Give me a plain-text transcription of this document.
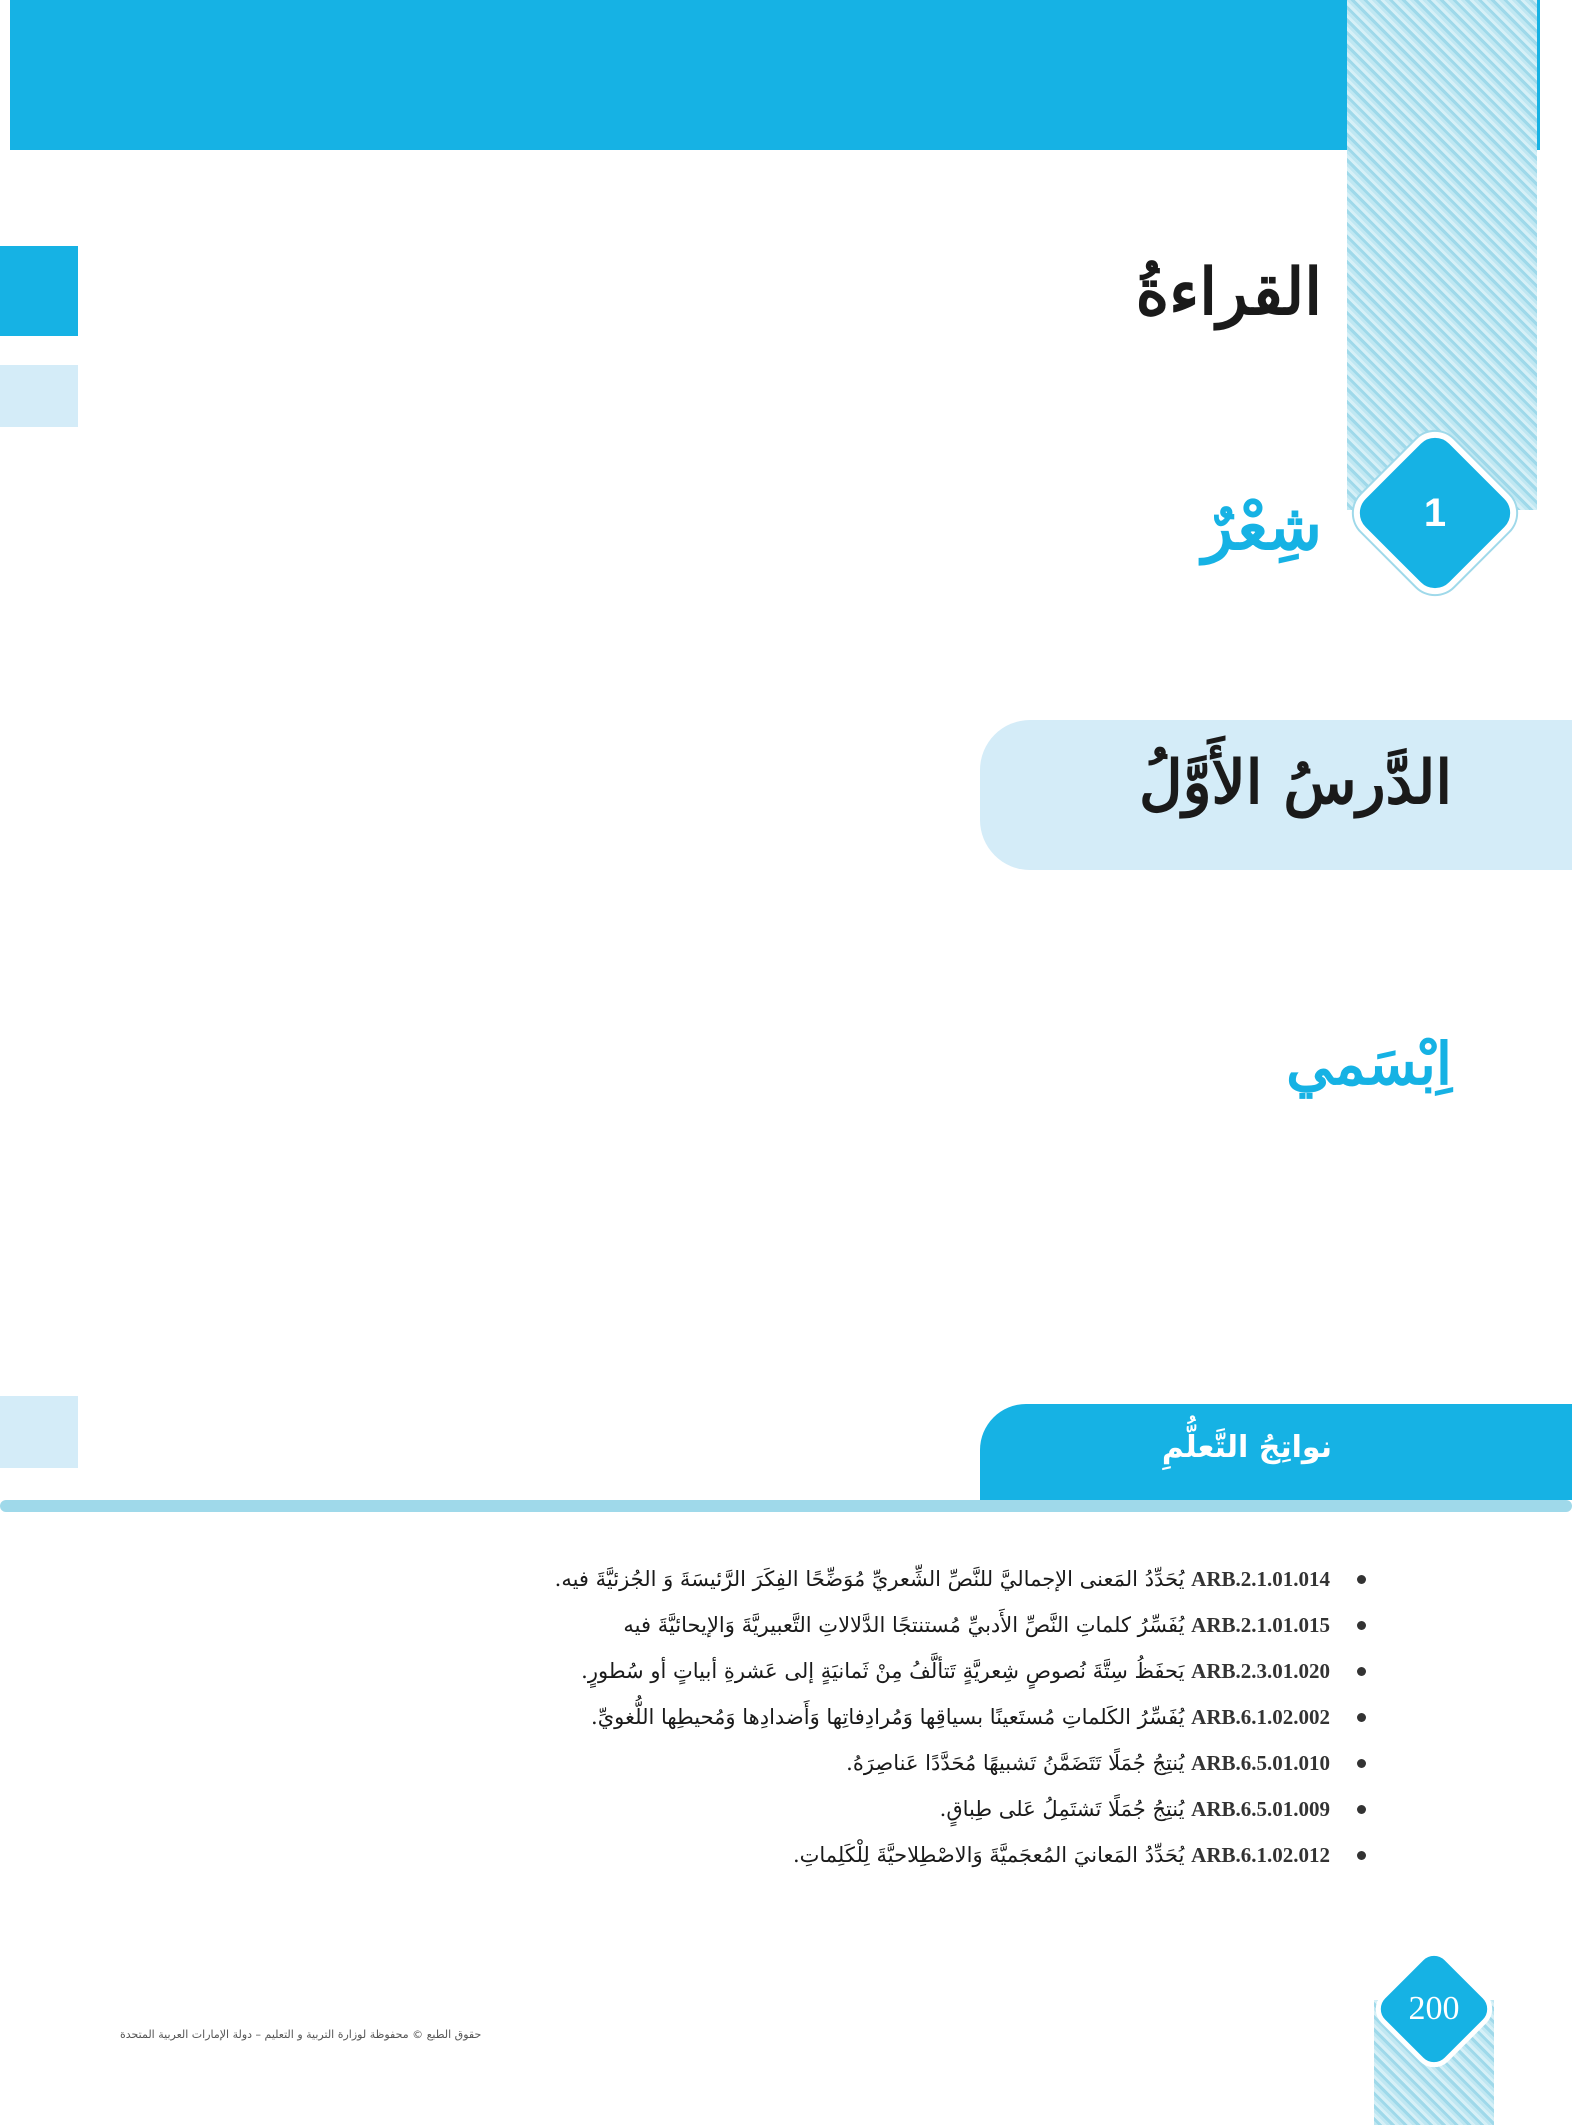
القراءةُ
1
شِعْرٌ
الدَّرسُ الأَوَّلُ
اِبْسَمي
نواتِجُ التَّعلُّمِ
ARB.2.1.01.014 يُحَدِّدُ المَعنى الإجماليَّ للنَّصِّ الشِّعريِّ مُوَضِّحًا الفِكَرَ الرَّئيسَةَ وَ الجُزئيَّةَ فيه.
ARB.2.1.01.015 يُفَسِّرُ كلماتِ النَّصِّ الأَدبيِّ مُستنتجًا الدَّلالاتِ التَّعبيريَّةَ وَالإيحائيَّةَ فيه
ARB.2.3.01.020 يَحفَظُ سِتَّةَ نُصوصٍ شِعريَّةٍ تَتألَّفُ مِنْ ثَمانيَةٍ إلى عَشرةِ أبياتٍ أو سُطورٍ.
ARB.6.1.02.002 يُفَسِّرُ الكَلماتِ مُستَعينًا بسياقِها وَمُرادِفاتِها وَأَضدادِها وَمُحيطِها اللُّغويِّ.
ARB.6.5.01.010 يُنتِجُ جُمَلًا تَتَضَمَّنُ تَشبيهًا مُحَدَّدًا عَناصِرَهُ.
ARB.6.5.01.009 يُنتِجُ جُمَلًا تَشتَمِلُ عَلى طِباقٍ.
ARB.6.1.02.012 يُحَدِّدُ المَعانيَ المُعجَميَّةَ وَالاصْطِلاحيَّةَ لِلْكَلِماتِ.
حقوق الطبع © محفوظة لوزارة التربية و التعليم – دولة الإمارات العربية المتحدة
200
